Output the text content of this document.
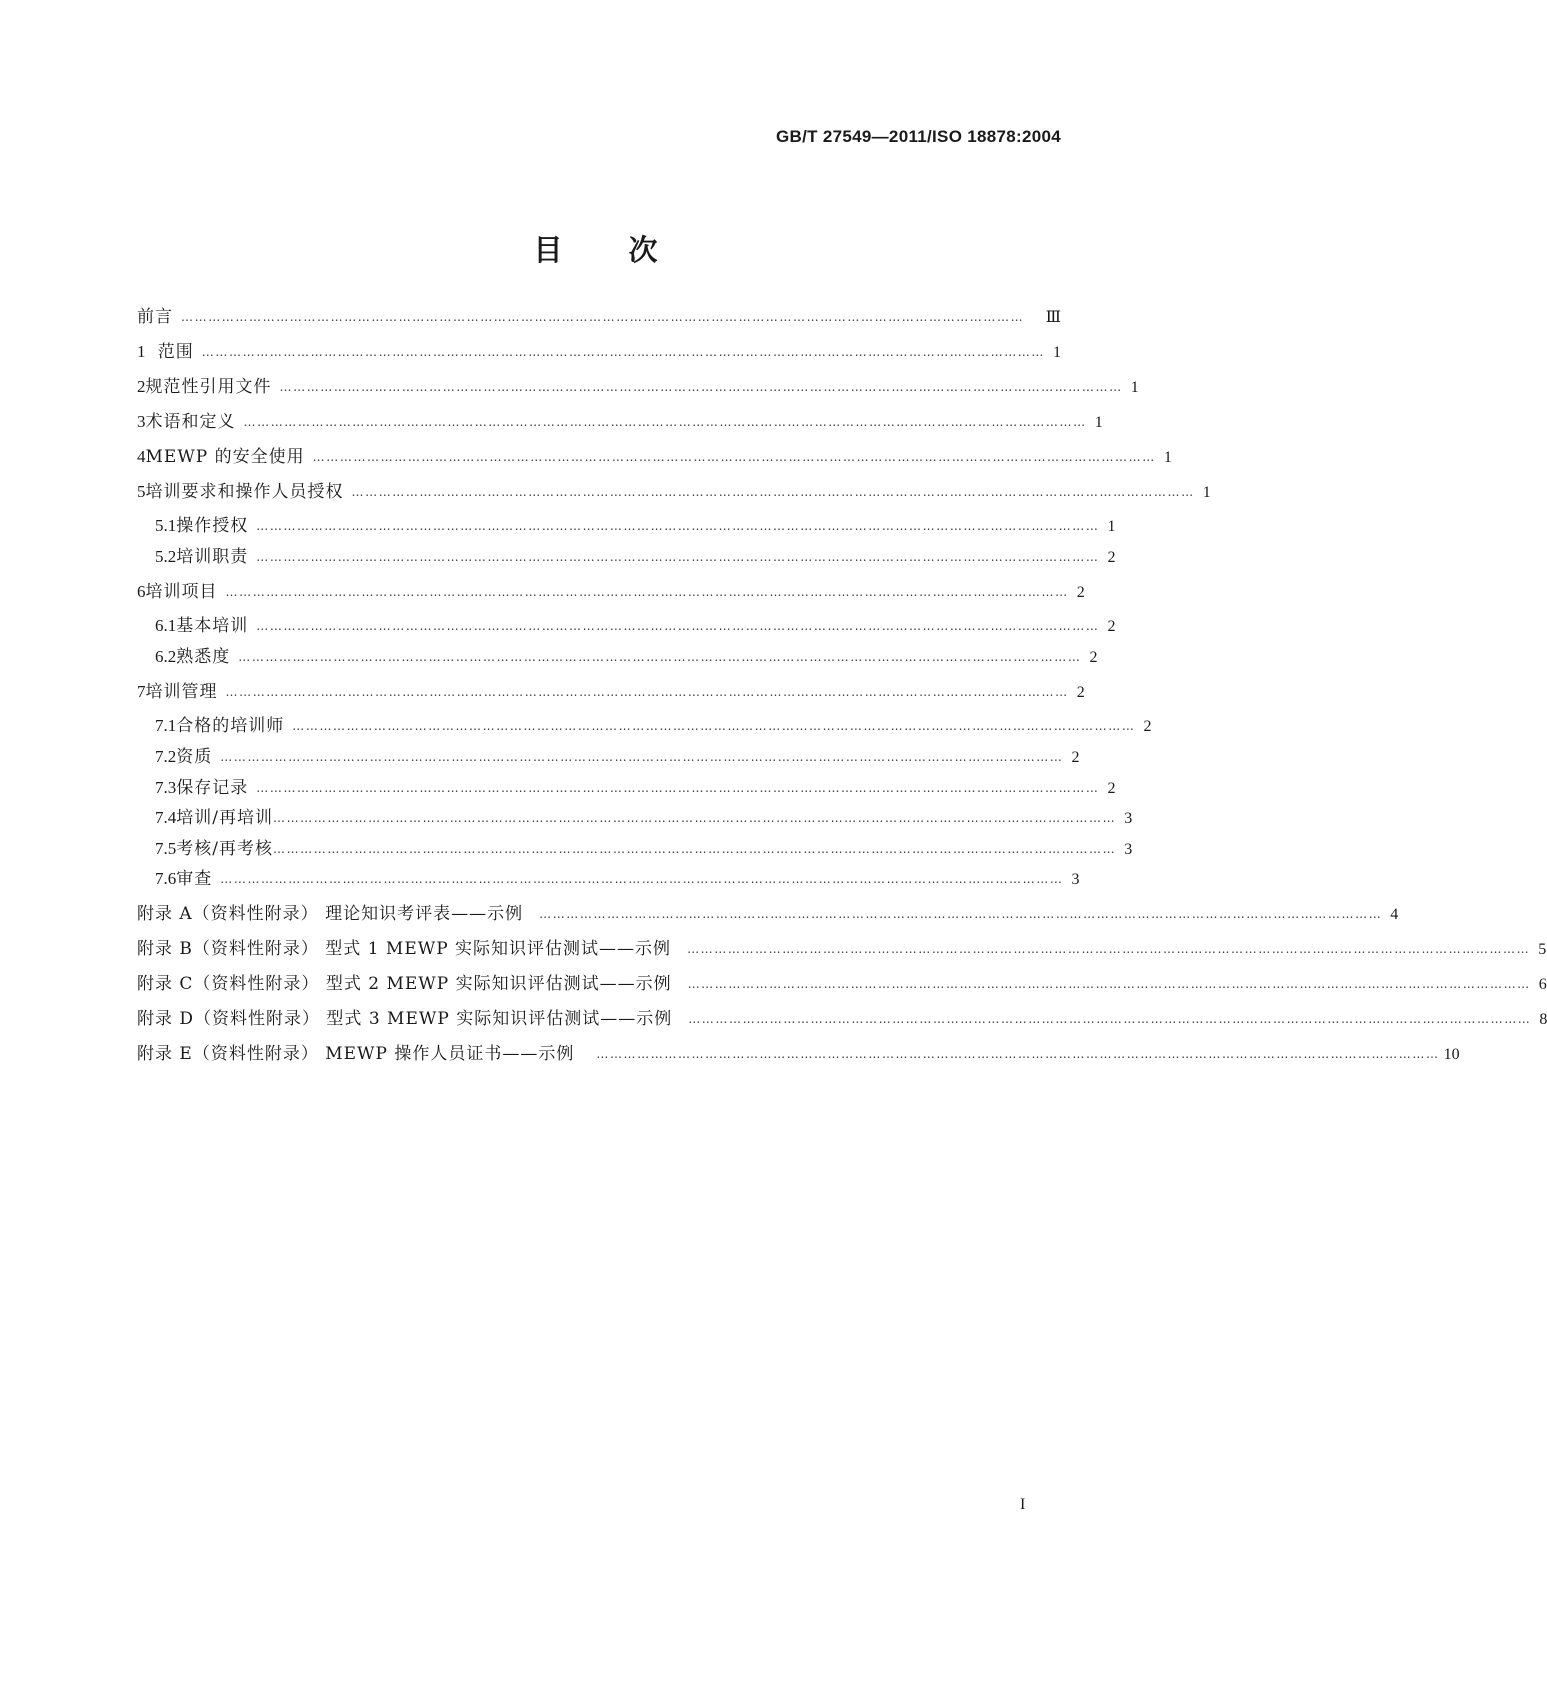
GB/T 27549—2011/ISO 18878:2004
目次
前言 ……………………………………………………………………………………………………………………………………………………………………	Ⅲ
1 范围 …………………………………………………………………………………………………………………………………………………………………… 1
2 规范性引用文件 …………………………………………………………………………………………………………………………………………………………………… 1
3 术语和定义 …………………………………………………………………………………………………………………………………………………………………… 1
4 MEWP 的安全使用 …………………………………………………………………………………………………………………………………………………………………… 1
5 培训要求和操作人员授权 …………………………………………………………………………………………………………………………………………………………………… 1
5.1 操作授权 …………………………………………………………………………………………………………………………………………………………………… 1
5.2 培训职责 …………………………………………………………………………………………………………………………………………………………………… 2
6 培训项目 …………………………………………………………………………………………………………………………………………………………………… 2
6.1 基本培训 …………………………………………………………………………………………………………………………………………………………………… 2
6.2 熟悉度 …………………………………………………………………………………………………………………………………………………………………… 2
7 培训管理 …………………………………………………………………………………………………………………………………………………………………… 2
7.1 合格的培训师 …………………………………………………………………………………………………………………………………………………………………… 2
7.2 资质 …………………………………………………………………………………………………………………………………………………………………… 2
7.3 保存记录 …………………………………………………………………………………………………………………………………………………………………… 2
7.4 培训/再培训 …………………………………………………………………………………………………………………………………………………………………… 3
7.5 考核/再考核 …………………………………………………………………………………………………………………………………………………………………… 3
7.6 审查 …………………………………………………………………………………………………………………………………………………………………… 3
附录 A（资料性附录） 理论知识考评表——示例 …………………………………………………………………………………………………………………………………………………………………… 4
附录 B（资料性附录） 型式 1 MEWP 实际知识评估测试——示例 …………………………………………………………………………………………………………………………………………………………………… 5
附录 C（资料性附录） 型式 2 MEWP 实际知识评估测试——示例 …………………………………………………………………………………………………………………………………………………………………… 6
附录 D（资料性附录） 型式 3 MEWP 实际知识评估测试——示例 …………………………………………………………………………………………………………………………………………………………………… 8
附录 E（资料性附录） MEWP 操作人员证书——示例 …………………………………………………………………………………………………………………………………………………………………… 10
I
